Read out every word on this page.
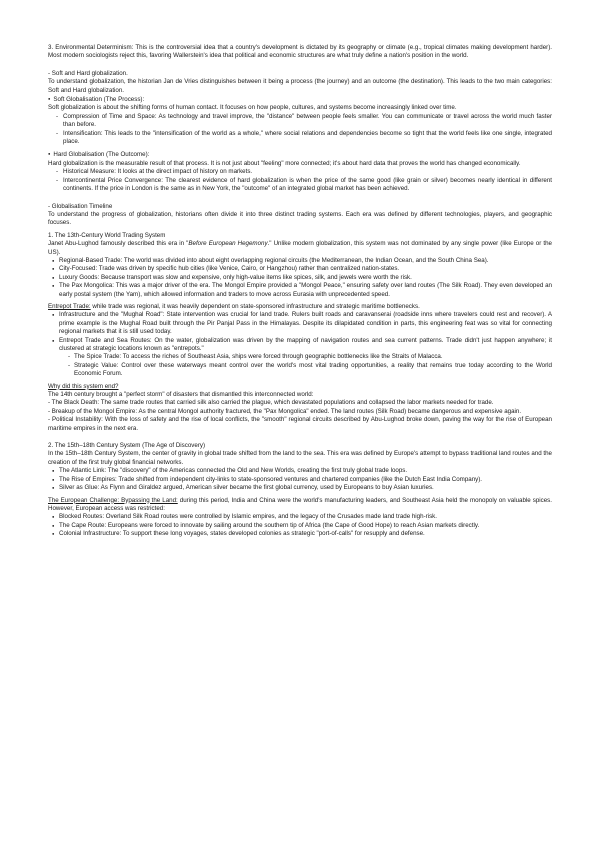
3. Environmental Determinism: This is the controversial idea that a country's development is dictated by its geography or climate (e.g., tropical climates making development harder). Most modern sociologists reject this, favoring Wallerstein's idea that political and economic structures are what truly define a nation's position in the world.

- Soft and Hard globalization.

To understand globalization, the historian Jan de Vries distinguishes between it being a process (the journey) and an outcome (the destination). This leads to the two main categories: Soft and Hard globalization.

● Soft Globalisation (The Process):

Soft globalization is about the shifting forms of human contact. It focuses on how people, cultures, and systems become increasingly linked over time.

- Compression of Time and Space: As technology and travel improve, the "distance" between people feels smaller. You can communicate or travel across the world much faster than before.
- Intensification: This leads to the "intensification of the world as a whole," where social relations and dependencies become so tight that the world feels like one single, integrated place.

● Hard Globalisation (The Outcome):

Hard globalization is the measurable result of that process. It is not just about "feeling" more connected; it's about hard data that proves the world has changed economically.

- Historical Measure: It looks at the direct impact of history on markets.
- Intercontinental Price Convergence: The clearest evidence of hard globalization is when the price of the same good (like grain or silver) becomes nearly identical in different continents. If the price in London is the same as in New York, the "outcome" of an integrated global market has been achieved.

- Globalisation Timeline

To understand the progress of globalization, historians often divide it into three distinct trading systems. Each era was defined by different technologies, players, and geographic focuses.

1. The 13th-Century World Trading System

Janet Abu-Lughod famously described this era in "Before European Hegemony." Unlike modern globalization, this system was not dominated by any single power (like Europe or the US).

● Regional-Based Trade: The world was divided into about eight overlapping regional circuits (the Mediterranean, the Indian Ocean, and the South China Sea).
● City-Focused: Trade was driven by specific hub cities (like Venice, Cairo, or Hangzhou) rather than centralized nation-states.
● Luxury Goods: Because transport was slow and expensive, only high-value items like spices, silk, and jewels were worth the risk.
● The Pax Mongolica: This was a major driver of the era. The Mongol Empire provided a "Mongol Peace," ensuring safety over land routes (The Silk Road). They even developed an early postal system (the Yam), which allowed information and traders to move across Eurasia with unprecedented speed.

Entrepot Trade: while trade was regional, it was heavily dependent on state-sponsored infrastructure and strategic maritime bottlenecks.

● Infrastructure and the "Mughal Road": State intervention was crucial for land trade. Rulers built roads and caravanserai (roadside inns where travelers could rest and recover). A prime example is the Mughal Road built through the Pir Panjal Pass in the Himalayas. Despite its dilapidated condition in parts, this engineering feat was so vital for connecting regional markets that it is still used today.
● Entrepot Trade and Sea Routes: On the water, globalization was driven by the mapping of navigation routes and sea current patterns. Trade didn't just happen anywhere; it clustered at strategic locations known as "entrepots."
- The Spice Trade: To access the riches of Southeast Asia, ships were forced through geographic bottlenecks like the Straits of Malacca.
- Strategic Value: Control over these waterways meant control over the world's most vital trading opportunities, a reality that remains true today according to the World Economic Forum.

Why did this system end?

The 14th century brought a "perfect storm" of disasters that dismantled this interconnected world:

- The Black Death: The same trade routes that carried silk also carried the plague, which devastated populations and collapsed the labor markets needed for trade.

- Breakup of the Mongol Empire: As the central Mongol authority fractured, the "Pax Mongolica" ended. The land routes (Silk Road) became dangerous and expensive again.

- Political Instability: With the loss of safety and the rise of local conflicts, the "smooth" regional circuits described by Abu-Lughod broke down, paving the way for the rise of European maritime empires in the next era.

2. The 15th–18th Century System (The Age of Discovery)

In the 15th–18th Century System, the center of gravity in global trade shifted from the land to the sea. This era was defined by Europe's attempt to bypass traditional land routes and the creation of the first truly global financial networks.

● The Atlantic Link: The "discovery" of the Americas connected the Old and New Worlds, creating the first truly global trade loops.
● The Rise of Empires: Trade shifted from independent city-links to state-sponsored ventures and chartered companies (like the Dutch East India Company).
● Silver as Glue: As Flynn and Giraldez argued, American silver became the first global currency, used by Europeans to buy Asian luxuries.

The European Challenge: Bypassing the Land: during this period, India and China were the world's manufacturing leaders, and Southeast Asia held the monopoly on valuable spices. However, European access was restricted:

● Blocked Routes: Overland Silk Road routes were controlled by Islamic empires, and the legacy of the Crusades made land trade high-risk.
● The Cape Route: Europeans were forced to innovate by sailing around the southern tip of Africa (the Cape of Good Hope) to reach Asian markets directly.
● Colonial Infrastructure: To support these long voyages, states developed colonies as strategic "port-of-calls" for resupply and defense.
